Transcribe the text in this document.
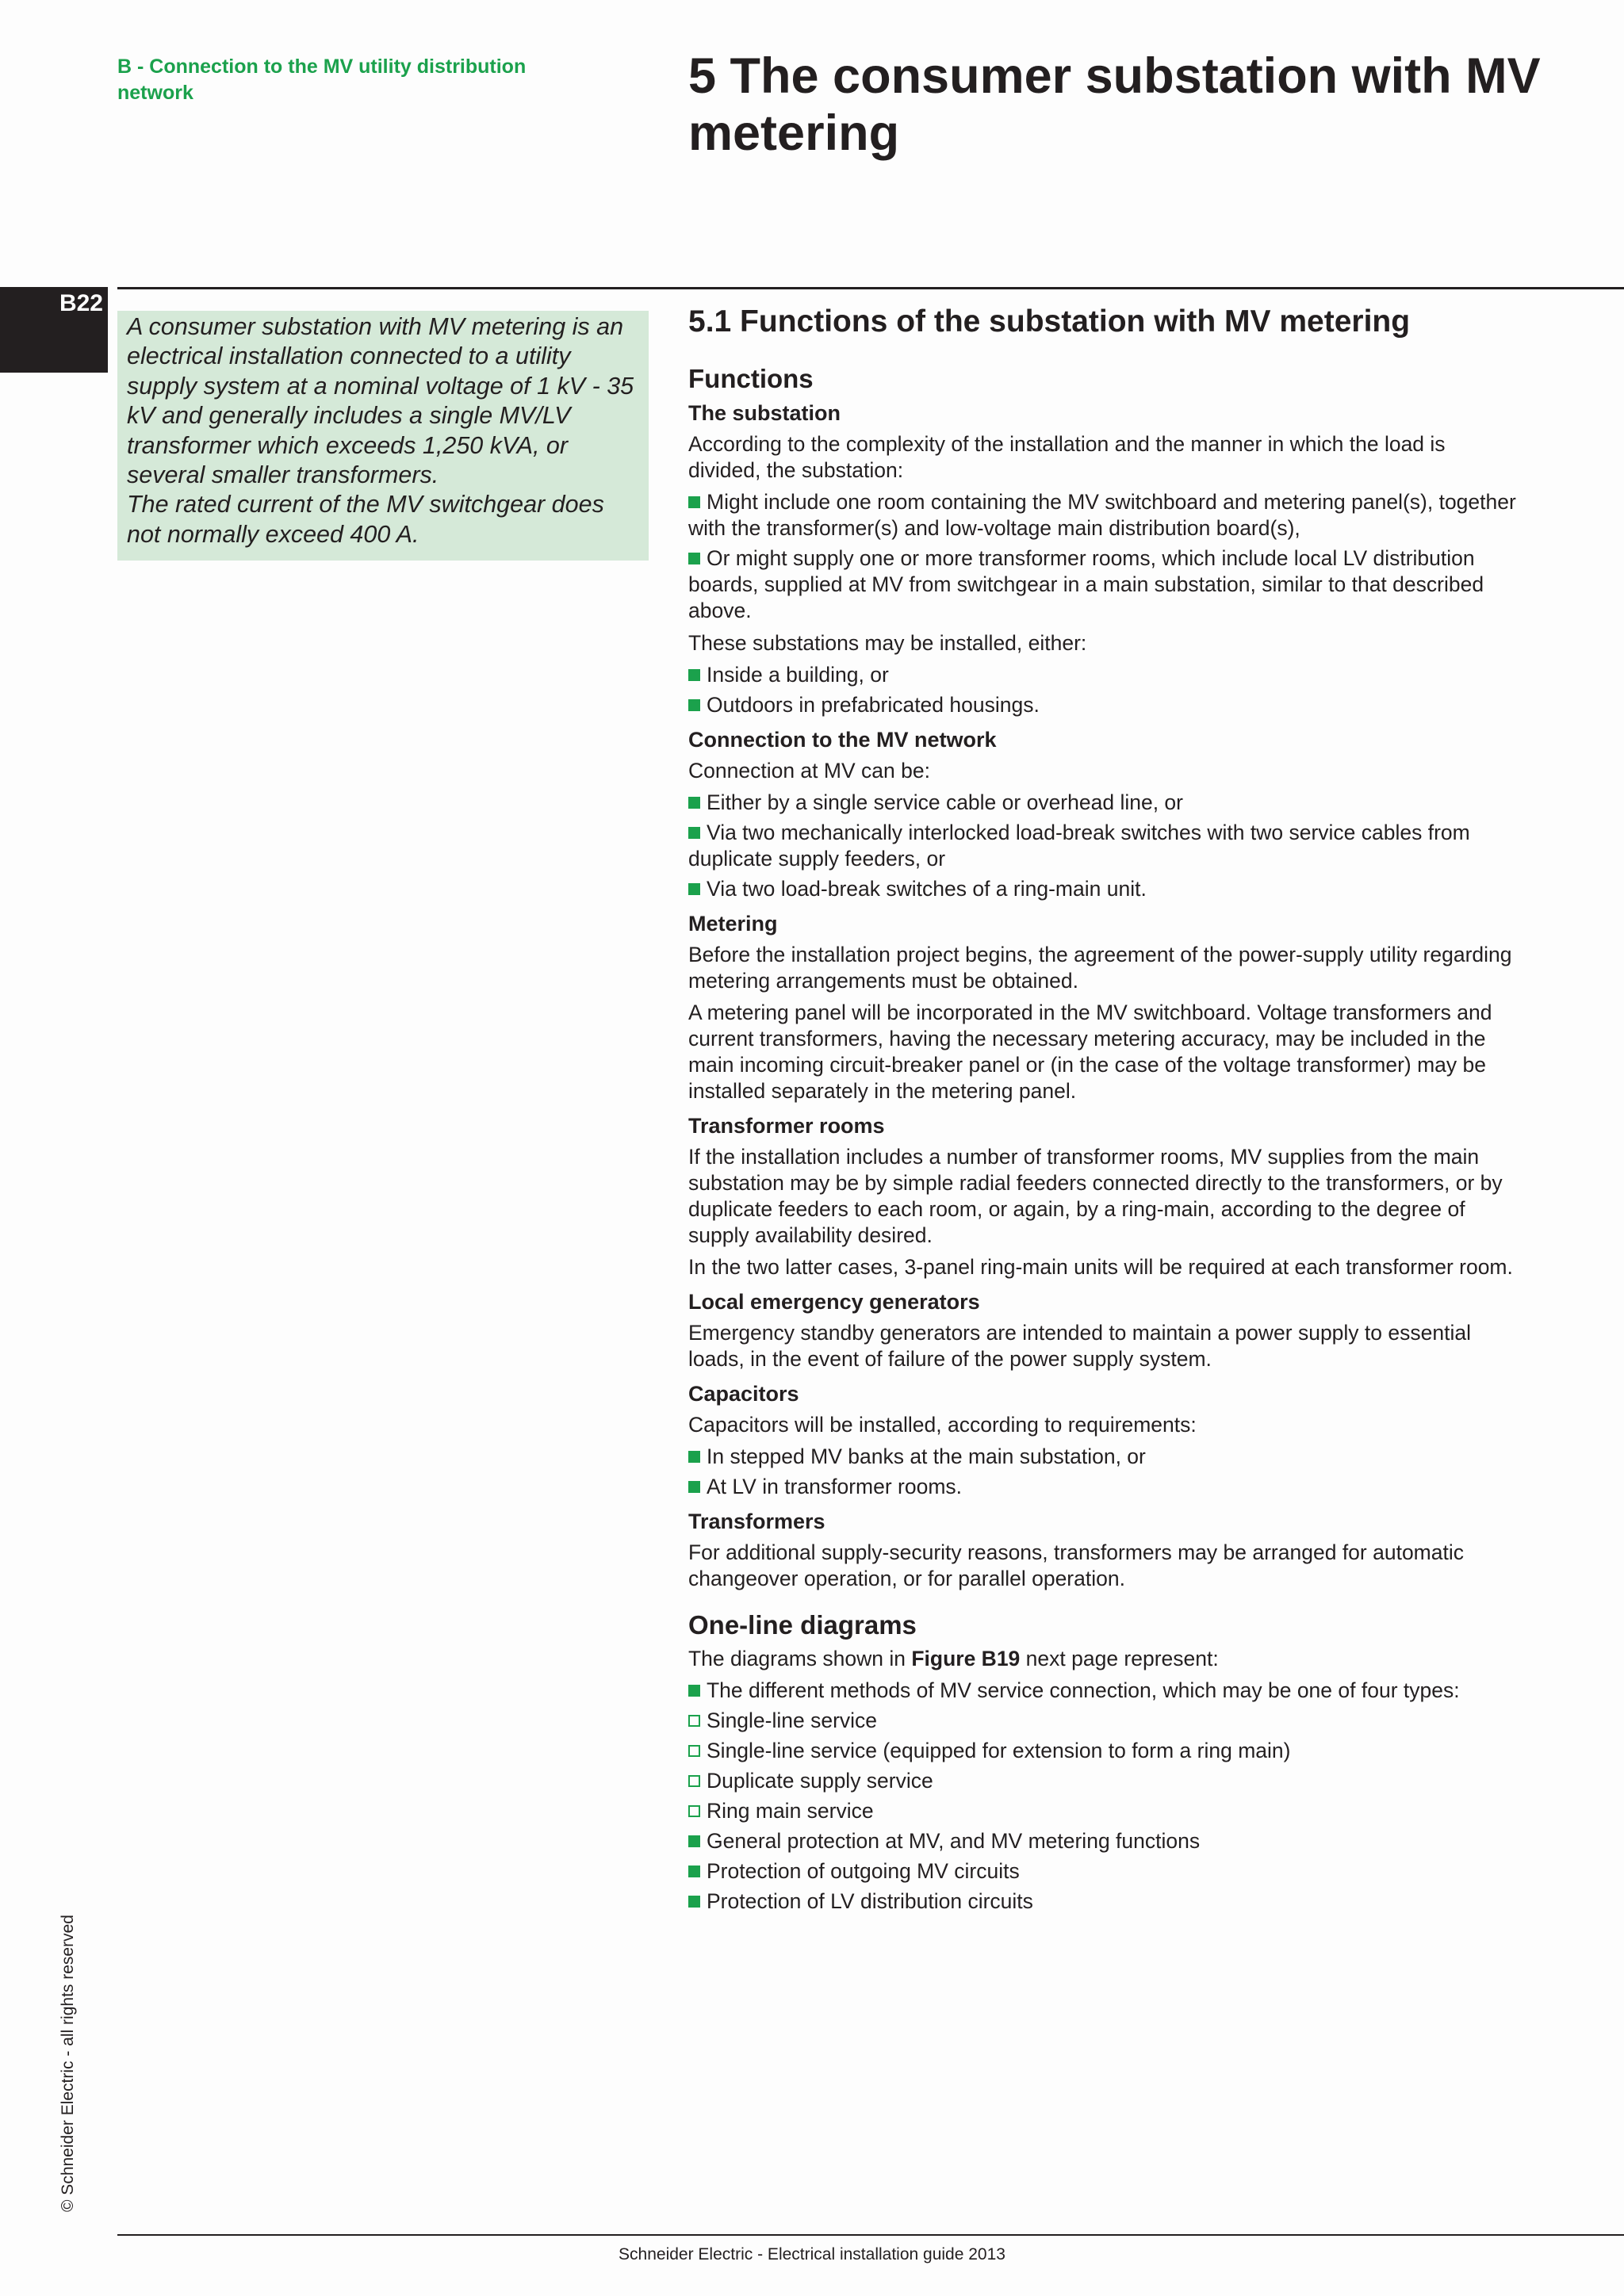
B - Connection to the MV utility distribution network	5 The consumer substation with MV metering
B22

A consumer substation with MV metering is an electrical installation connected to a utility supply system at a nominal voltage of 1 kV - 35 kV and generally includes a single MV/LV transformer which exceeds 1,250 kVA, or several smaller transformers.

The rated current of the MV switchgear does not normally exceed 400 A.

5.1 Functions of the substation with MV metering
Functions
The substation

According to the complexity of the installation and the manner in which the load is divided, the substation:

Might include one room containing the MV switchboard and metering panel(s), together with the transformer(s) and low-voltage main distribution board(s),
Or might supply one or more transformer rooms, which include local LV distribution boards, supplied at MV from switchgear in a main substation, similar to that described above.

These substations may be installed, either:

Inside a building, or
Outdoors in prefabricated housings.
Connection to the MV network

Connection at MV can be:

Either by a single service cable or overhead line, or
Via two mechanically interlocked load-break switches with two service cables from duplicate supply feeders, or
Via two load-break switches of a ring-main unit.
Metering

Before the installation project begins, the agreement of the power-supply utility regarding metering arrangements must be obtained.

A metering panel will be incorporated in the MV switchboard. Voltage transformers and current transformers, having the necessary metering accuracy, may be included in the main incoming circuit-breaker panel or (in the case of the voltage transformer) may be installed separately in the metering panel.

Transformer rooms

If the installation includes a number of transformer rooms, MV supplies from the main substation may be by simple radial feeders connected directly to the transformers, or by duplicate feeders to each room, or again, by a ring-main, according to the degree of supply availability desired.

In the two latter cases, 3-panel ring-main units will be required at each transformer room.

Local emergency generators

Emergency standby generators are intended to maintain a power supply to essential loads, in the event of failure of the power supply system.

Capacitors

Capacitors will be installed, according to requirements:

In stepped MV banks at the main substation, or
At LV in transformer rooms.
Transformers

For additional supply-security reasons, transformers may be arranged for automatic changeover operation, or for parallel operation.

One-line diagrams

The diagrams shown in Figure B19 next page represent:

The different methods of MV service connection, which may be one of four types:
Single-line service
Single-line service (equipped for extension to form a ring main)
Duplicate supply service
Ring main service
General protection at MV, and MV metering functions
Protection of outgoing MV circuits
Protection of LV distribution circuits
© Schneider Electric - all rights reserved
Schneider Electric - Electrical installation guide 2013
